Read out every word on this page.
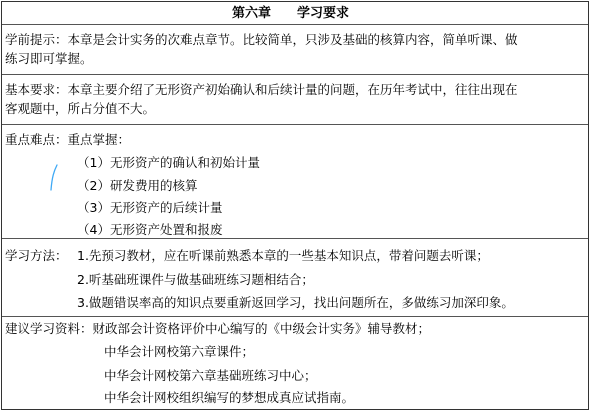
第六章　　学习要求
学前提示：本章是会计实务的次难点章节。比较简单，只涉及基础的核算内容，简单听课、做
练习即可掌握。
基本要求：本章主要介绍了无形资产初始确认和后续计量的问题，在历年考试中，往往出现在
客观题中，所占分值不大。
重点难点：重点掌握：
（1）无形资产的确认和初始计量
（2）研发费用的核算
（3）无形资产的后续计量
（4）无形资产处置和报废
学习方法： 1.先预习教材，应在听课前熟悉本章的一些基本知识点，带着问题去听课；
2.听基础班课件与做基础班练习题相结合；
3.做题错误率高的知识点要重新返回学习，找出问题所在，多做练习加深印象。
建议学习资料：财政部会计资格评价中心编写的《中级会计实务》辅导教材；
中华会计网校第六章课件；
中华会计网校第六章基础班练习中心；
中华会计网校组织编写的梦想成真应试指南。
